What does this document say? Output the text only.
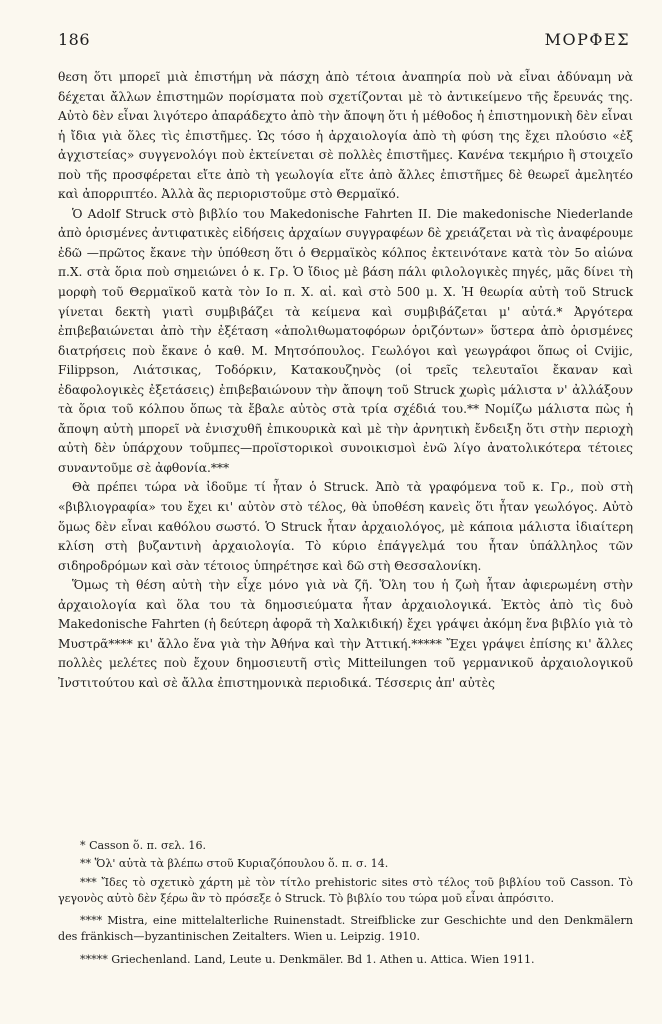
186	ΜΟΡΦΕΣ

θεση ὅτι μπορεῖ μιὰ ἐπιστήμη νὰ πάσχη ἀπὸ τέτοια ἀναπηρία ποὺ νὰ εἶναι ἀδύναμη νὰ δέχεται ἄλλων ἐπιστημῶν πορίσματα ποὺ σχετίζονται μὲ τὸ ἀντικείμενο τῆς ἔρευνάς της. Αὐτὸ δὲν εἶναι λιγότερο ἀπαράδεχτο ἀπὸ τὴν ἄποψη ὅτι ἡ μέθοδος ἡ ἐπιστημονικὴ δὲν εἶναι ἡ ἴδια γιὰ ὅλες τὶς ἐπιστῆμες. Ὡς τόσο ἡ ἀρχαιολογία ἀπὸ τὴ φύση της ἔχει πλούσιο «ἐξ ἀγχιστείας» συγγενολόγι ποὺ ἐκτείνεται σὲ πολλὲς ἐπιστῆμες. Κανένα τεκμήριο ἢ στοιχεῖο ποὺ τῆς προσφέρεται εἴτε ἀπὸ τὴ γεωλογία εἴτε ἀπὸ ἄλλες ἐπιστῆμες δὲ θεωρεῖ ἀμελητέο καὶ ἀπορριπτέο. Ἀλλὰ ἂς περιοριστοῦμε στὸ Θερμαϊκό.

Ὁ Adolf Struck στὸ βιβλίο του Makedonische Fahrten II. Die makedonische Niederlande ἀπὸ ὁρισμένες ἀντιφατικὲς εἰδήσεις ἀρχαίων συγγραφέων δὲ χρειάζεται νὰ τὶς ἀναφέρουμε ἐδῶ —πρῶτος ἔκανε τὴν ὑπόθεση ὅτι ὁ Θερμαϊκὸς κόλπος ἐκτεινότανε κατὰ τὸν 5ο αἰώνα π.Χ. στὰ ὅρια ποὺ σημειώνει ὁ κ. Γρ. Ὁ ἴδιος μὲ βάση πάλι φιλολογικὲς πηγές, μᾶς δίνει τὴ μορφὴ τοῦ Θερμαϊκοῦ κατὰ τὸν Ιο π. Χ. αἰ. καὶ στὸ 500 μ. Χ. Ἡ θεωρία αὐτὴ τοῦ Struck γίνεται δεκτὴ γιατὶ συμβιβάζει τὰ κείμενα καὶ συμβιβάζεται μ' αὐτά.* Ἀργότερα ἐπιβεβαιώνεται ἀπὸ τὴν ἐξέταση «ἀπολιθωματοφόρων ὁριζόντων» ὕστερα ἀπὸ ὁρισμένες διατρήσεις ποὺ ἔκανε ὁ καθ. Μ. Μητσόπουλος. Γεωλόγοι καὶ γεωγράφοι ὅπως οἱ Cvijic, Filippson, Λιάτσικας, Τοδόρκιν, Κατακουζηνὸς (οἱ τρεῖς τελευταῖοι ἔκαναν καὶ ἐδαφολογικὲς ἐξετάσεις) ἐπιβεβαιώνουν τὴν ἄποψη τοῦ Struck χωρὶς μάλιστα ν' ἀλλάξουν τὰ ὅρια τοῦ κόλπου ὅπως τὰ ἔβαλε αὐτὸς στὰ τρία σχέδιά του.** Νομίζω μάλιστα πὼς ἡ ἄποψη αὐτὴ μπορεῖ νὰ ἐνισχυθῆ ἐπικουρικὰ καὶ μὲ τὴν ἀρνητικὴ ἔνδειξη ὅτι στὴν περιοχὴ αὐτὴ δὲν ὑπάρχουν τοῦμπες—προϊστορικοὶ συνοικισμοὶ ἐνῶ λίγο ἀνατολικότερα τέτοιες συναντοῦμε σὲ ἀφθονία.***

Θὰ πρέπει τώρα νὰ ἰδοῦμε τί ἦταν ὁ Struck. Ἀπὸ τὰ γραφόμενα τοῦ κ. Γρ., ποὺ στὴ «βιβλιογραφία» του ἔχει κι' αὐτὸν στὸ τέλος, θὰ ὑποθέση κανεὶς ὅτι ἦταν γεωλόγος. Αὐτὸ ὅμως δὲν εἶναι καθόλου σωστό. Ὁ Struck ἦταν ἀρχαιολόγος, μὲ κάποια μάλιστα ἰδιαίτερη κλίση στὴ βυζαντινὴ ἀρχαιολογία. Τὸ κύριο ἐπάγγελμά του ἦταν ὑπάλληλος τῶν σιδηροδρόμων καὶ σὰν τέτοιος ὑπηρέτησε καὶ δῶ στὴ Θεσσαλονίκη.

Ὅμως τὴ θέση αὐτὴ τὴν εἶχε μόνο γιὰ νὰ ζῆ. Ὅλη του ἡ ζωὴ ἦταν ἀφιερωμένη στὴν ἀρχαιολογία καὶ ὅλα του τὰ δημοσιεύματα ἦταν ἀρχαιολογικά. Ἐκτὸς ἀπὸ τὶς δυὸ Makedonische Fahrten (ἡ δεύτερη ἀφορᾶ τὴ Χαλκιδική) ἔχει γράψει ἀκόμη ἕνα βιβλίο γιὰ τὸ Μυστρᾶ**** κι' ἄλλο ἕνα γιὰ τὴν Ἀθήνα καὶ τὴν Ἀττική.***** Ἔχει γράψει ἐπίσης κι' ἄλλες πολλὲς μελέτες ποὺ ἔχουν δημοσιευτῆ στὶς Mitteilungen τοῦ γερμανικοῦ ἀρχαιολογικοῦ Ἰνστιτούτου καὶ σὲ ἄλλα ἐπιστημονικὰ περιοδικά. Τέσσερις ἀπ' αὐτὲς

* Casson ὅ. π. σελ. 16.

** Ὅλ' αὐτὰ τὰ βλέπω στοῦ Κυριαζόπουλου ὅ. π. σ. 14.

*** Ἴδες τὸ σχετικὸ χάρτη μὲ τὸν τίτλο prehistoric sites στὸ τέλος τοῦ βιβλίου τοῦ Casson. Τὸ γεγονὸς αὐτὸ δὲν ξέρω ἂν τὸ πρόσεξε ὁ Struck. Τὸ βιβλίο του τώρα μοῦ εἶναι ἀπρόσιτο.

**** Mistra, eine mittelalterliche Ruinenstadt. Streifblicke zur Geschichte und den Denkmälern des fränkisch—byzantinischen Zeitalters. Wien u. Leipzig. 1910.

***** Griechenland. Land, Leute u. Denkmäler. Bd 1. Athen u. Attica. Wien 1911.
